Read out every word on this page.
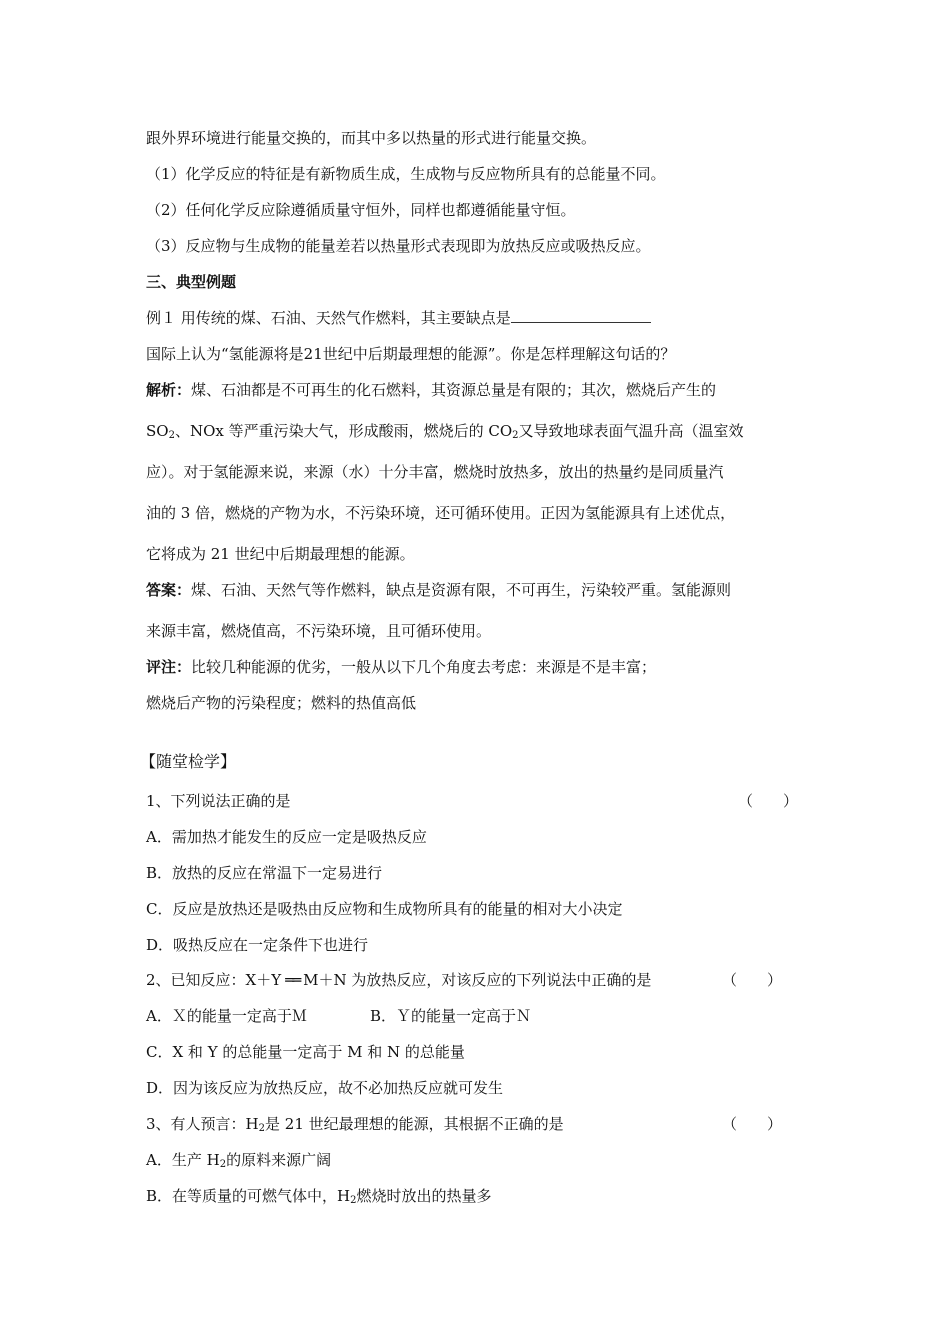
跟外界环境进行能量交换的，而其中多以热量的形式进行能量交换。
（1）化学反应的特征是有新物质生成，生成物与反应物所具有的总能量不同。
（2）任何化学反应除遵循质量守恒外，同样也都遵循能量守恒。
（3）反应物与生成物的能量差若以热量形式表现即为放热反应或吸热反应。
三、典型例题
例１ 用传统的煤、石油、天然气作燃料，其主要缺点是
国际上认为“氢能源将是21世纪中后期最理想的能源”。你是怎样理解这句话的？
解析：煤、石油都是不可再生的化石燃料，其资源总量是有限的；其次，燃烧后产生的
$SO_2$、NOx 等严重污染大气，形成酸雨，燃烧后的 $CO_2$又导致地球表面气温升高（温室效
应）。对于氢能源来说，来源（水）十分丰富，燃烧时放热多，放出的热量约是同质量汽
油的 3 倍，燃烧的产物为水，不污染环境，还可循环使用。正因为氢能源具有上述优点，
它将成为 21 世纪中后期最理想的能源。
答案：煤、石油、天然气等作燃料，缺点是资源有限，不可再生，污染较严重。氢能源则
来源丰富，燃烧值高，不污染环境，且可循环使用。
评注：比较几种能源的优劣，一般从以下几个角度去考虑：来源是不是丰富；
燃烧后产物的污染程度；燃料的热值高低
【随堂检学】
1、下列说法正确的是	（　　）
A．需加热才能发生的反应一定是吸热反应
B．放热的反应在常温下一定易进行
C．反应是放热还是吸热由反应物和生成物所具有的能量的相对大小决定
D．吸热反应在一定条件下也进行
2、已知反应：X＋Y ══ M＋N 为放热反应，对该反应的下列说法中正确的是	（　　）
A．Ｘ的能量一定高于Ｍ	B．Ｙ的能量一定高于Ｎ
C．X 和 Y 的总能量一定高于 M 和 N 的总能量
D．因为该反应为放热反应，故不必加热反应就可发生
3、有人预言：$H_2$是 21 世纪最理想的能源，其根据不正确的是	（　　）
A．生产 $H_2$的原料来源广阔
B．在等质量的可燃气体中，$H_2$燃烧时放出的热量多
